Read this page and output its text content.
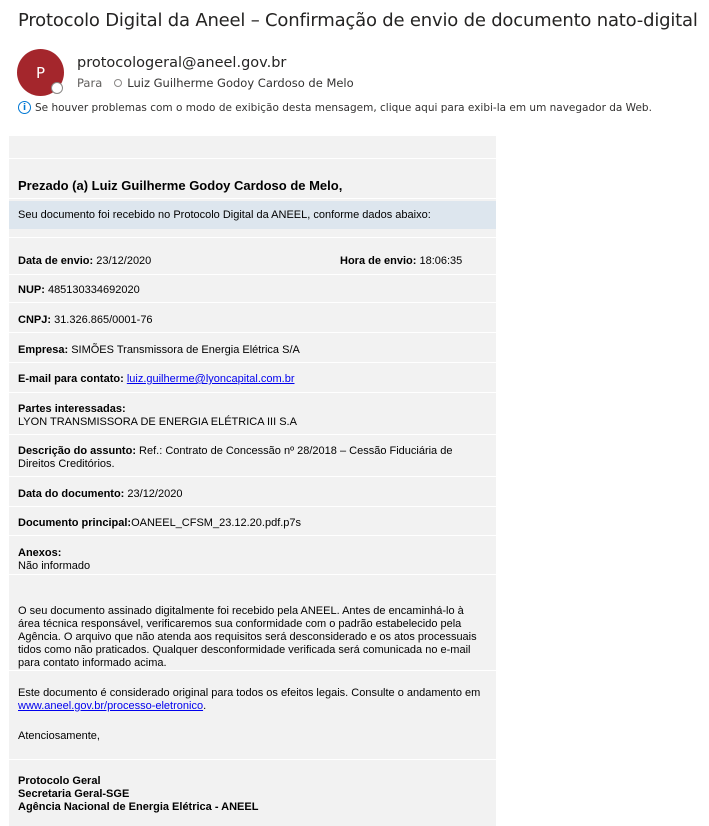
Protocolo Digital da Aneel – Confirmação de envio de documento nato-digital
P
protocologeral@aneel.gov.br
Para Luiz Guilherme Godoy Cardoso de Melo
i Se houver problemas com o modo de exibição desta mensagem, clique aqui para exibi-la em um navegador da Web.
Prezado (a) Luiz Guilherme Godoy Cardoso de Melo,
Seu documento foi recebido no Protocolo Digital da ANEEL, conforme dados abaixo:
Data de envio: 23/12/2020	Hora de envio: 18:06:35
NUP: 485130334692020
CNPJ: 31.326.865/0001-76
Empresa: SIMÕES Transmissora de Energia Elétrica S/A
E-mail para contato: luiz.guilherme@lyoncapital.com.br
Partes interessadas:
LYON TRANSMISSORA DE ENERGIA ELÉTRICA III S.A
Descrição do assunto: Ref.: Contrato de Concessão nº 28/2018 – Cessão Fiduciária de Direitos Creditórios.
Data do documento: 23/12/2020
Documento principal:OANEEL_CFSM_23.12.20.pdf.p7s
Anexos:
Não informado
O seu documento assinado digitalmente foi recebido pela ANEEL. Antes de encaminhá-lo à área técnica responsável, verificaremos sua conformidade com o padrão estabelecido pela Agência. O arquivo que não atenda aos requisitos será desconsiderado e os atos processuais tidos como não praticados. Qualquer desconformidade verificada será comunicada no e-mail para contato informado acima.
Este documento é considerado original para todos os efeitos legais. Consulte o andamento em www.aneel.gov.br/processo-eletronico.
Atenciosamente,
Protocolo Geral
Secretaria Geral-SGE
Agência Nacional de Energia Elétrica - ANEEL
